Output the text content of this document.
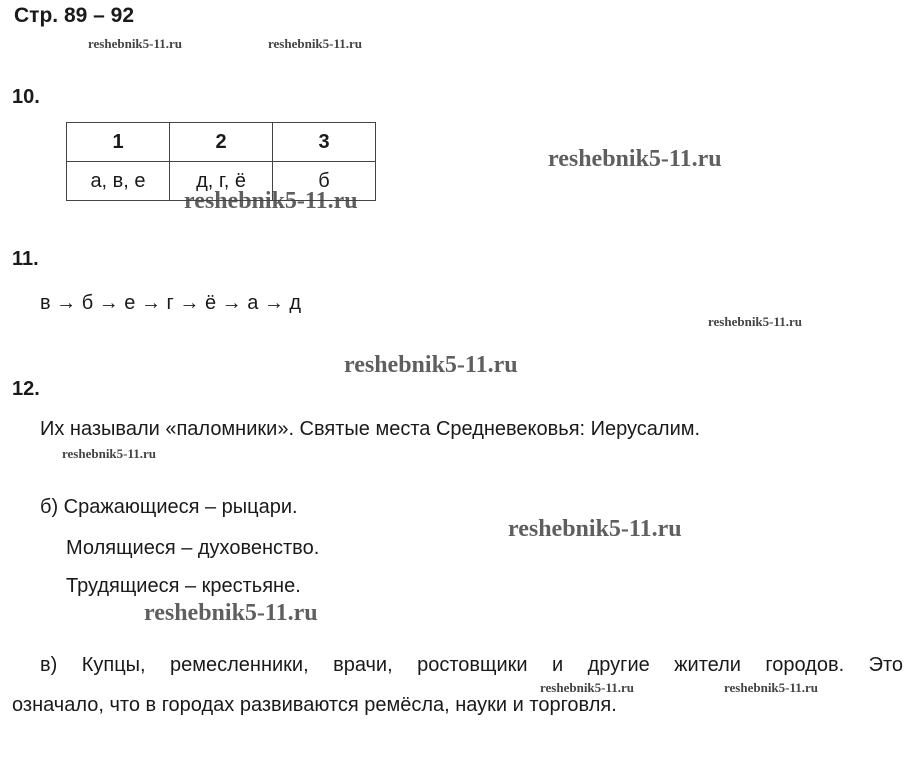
Стр. 89 – 92
reshebnik5-11.ru	reshebnik5-11.ru
10.
1	2	3
а, в, е	д, г, ё	б
reshebnik5-11.ru
reshebnik5-11.ru
11.
в → б → е → г → ё → а → д
reshebnik5-11.ru
reshebnik5-11.ru
12.
Их называли «паломники». Святые места Средневековья: Иерусалим.
reshebnik5-11.ru
б) Сражающиеся – рыцари.
reshebnik5-11.ru
Молящиеся – духовенство.
Трудящиеся – крестьяне.
reshebnik5-11.ru
в) Купцы, ремесленники, врачи, ростовщики и другие жители городов. Это
reshebnik5-11.ru	reshebnik5-11.ru
означало, что в городах развиваются ремёсла, науки и торговля.
